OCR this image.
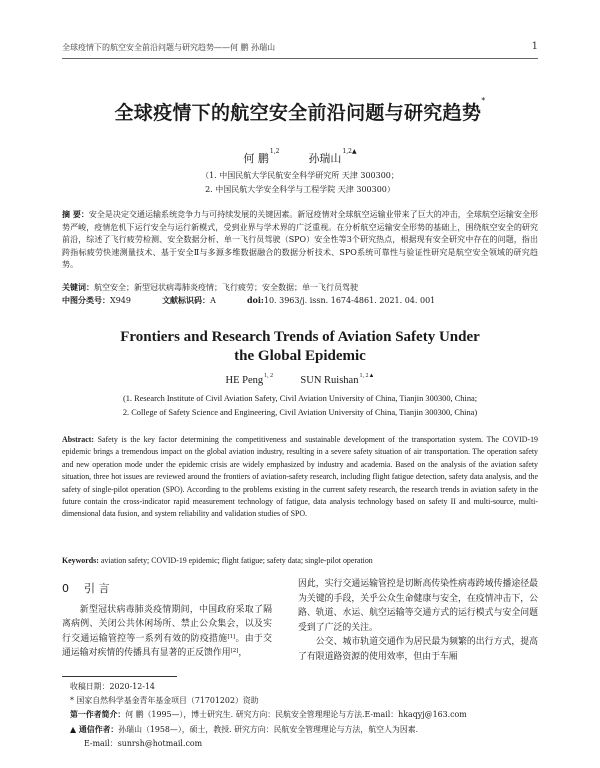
全球疫情下的航空安全前沿问题与研究趋势——何 鹏 孙瑞山	1
全球疫情下的航空安全前沿问题与研究趋势*
何 鹏$^{1,2}$  孙瑞山$^{1,2▲}$
（1. 中国民航大学民航安全科学研究所 天津 300300；
2. 中国民航大学安全科学与工程学院 天津 300300）
摘 要：安全是决定交通运输系统竞争力与可持续发展的关键因素。新冠疫情对全球航空运输业带来了巨大的冲击，全球航空运输安全形势严峻，疫情危机下运行安全与运行新模式，受到业界与学术界的广泛重视。在分析航空运输安全形势的基础上，围绕航空安全的研究前沿，综述了飞行疲劳检测、安全数据分析、单一飞行员驾驶（SPO）安全性等3个研究热点，根据现有安全研究中存在的问题，指出跨指标疲劳快速测量技术、基于安全Ⅱ与多源多维数据融合的数据分析技术、SPO系统可靠性与验证性研究是航空安全领域的研究趋势。
关键词：航空安全；新型冠状病毒肺炎疫情；飞行疲劳；安全数据；单一飞行员驾驶
中图分类号：X949	文献标识码：A	doi:10. 3963/j. issn. 1674-4861. 2021. 04. 001
Frontiers and Research Trends of Aviation Safety Under
the Global Epidemic
HE Peng$^{1, 2}$	SUN Ruishan$^{1, 2▲}$
(1. Research Institute of Civil Aviation Safety, Civil Aviation University of China, Tianjin 300300, China;
2. College of Safety Science and Engineering, Civil Aviation University of China, Tianjin 300300, China)
Abstract: Safety is the key factor determining the competitiveness and sustainable development of the transportation system. The COVID-19 epidemic brings a tremendous impact on the global aviation industry, resulting in a severe safety situation of air transportation. The operation safety and new operation mode under the epidemic crisis are widely emphasized by industry and academia. Based on the analysis of the aviation safety situation, three hot issues are reviewed around the frontiers of aviation-safety research, including flight fatigue detection, safety data analysis, and the safety of single-pilot operation (SPO). According to the problems existing in the current safety research, the research trends in aviation safety in the future contain the cross-indicator rapid measurement technology of fatigue, data analysis technology based on safety II and multi-source, multi-dimensional data fusion, and system reliability and validation studies of SPO.
Keywords: aviation safety; COVID-19 epidemic; flight fatigue; safety data; single-pilot operation
0 引 言
新型冠状病毒肺炎疫情期间，中国政府采取了隔离病例、关闭公共休闲场所、禁止公众集会，以及实行交通运输管控等一系列有效的防疫措施[1]。由于交通运输对疾情的传播具有显著的正反馈作用[2]，
因此，实行交通运输管控是切断高传染性病毒跨域传播途径最为关键的手段，关乎公众生命健康与安全，在疫情冲击下，公路、轨道、水运、航空运输等交通方式的运行模式与安全问题受到了广泛的关注。
公交、城市轨道交通作为居民最为频繁的出行方式，提高了有限道路资源的使用效率，但由于车厢
收稿日期：2020-12-14
* 国家自然科学基金青年基金项目（71701202）资助
第一作者简介：何 鹏（1995—），博士研究生. 研究方向：民航安全管理理论与方法.E-mail：hkaqyj@163.com
▲ 通信作者：孙瑞山（1958—），硕士，教授. 研究方向：民航安全管理理论与方法，航空人为因素.
E-mail：sunrsh@hotmail.com
